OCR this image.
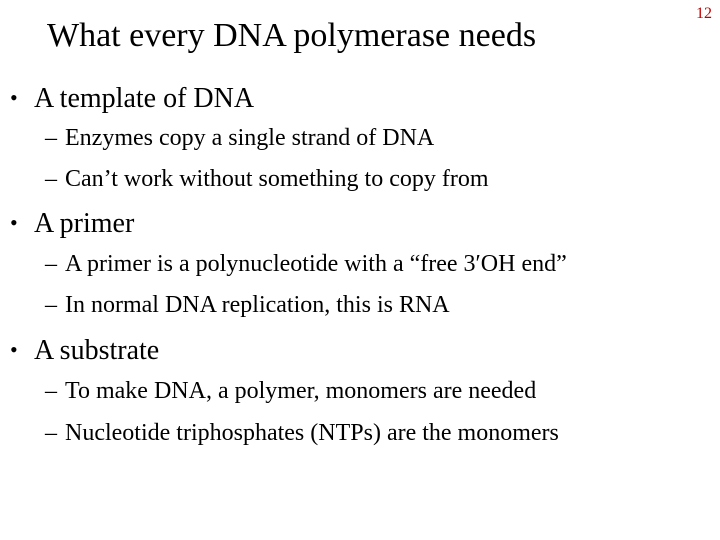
What every DNA polymerase needs
12
• A template of DNA
– Enzymes copy a single strand of DNA
– Can’t work without something to copy from
• A primer
– A primer is a polynucleotide with a “free 3′OH end”
– In normal DNA replication, this is RNA
• A substrate
– To make DNA, a polymer, monomers are needed
– Nucleotide triphosphates (NTPs) are the monomers
